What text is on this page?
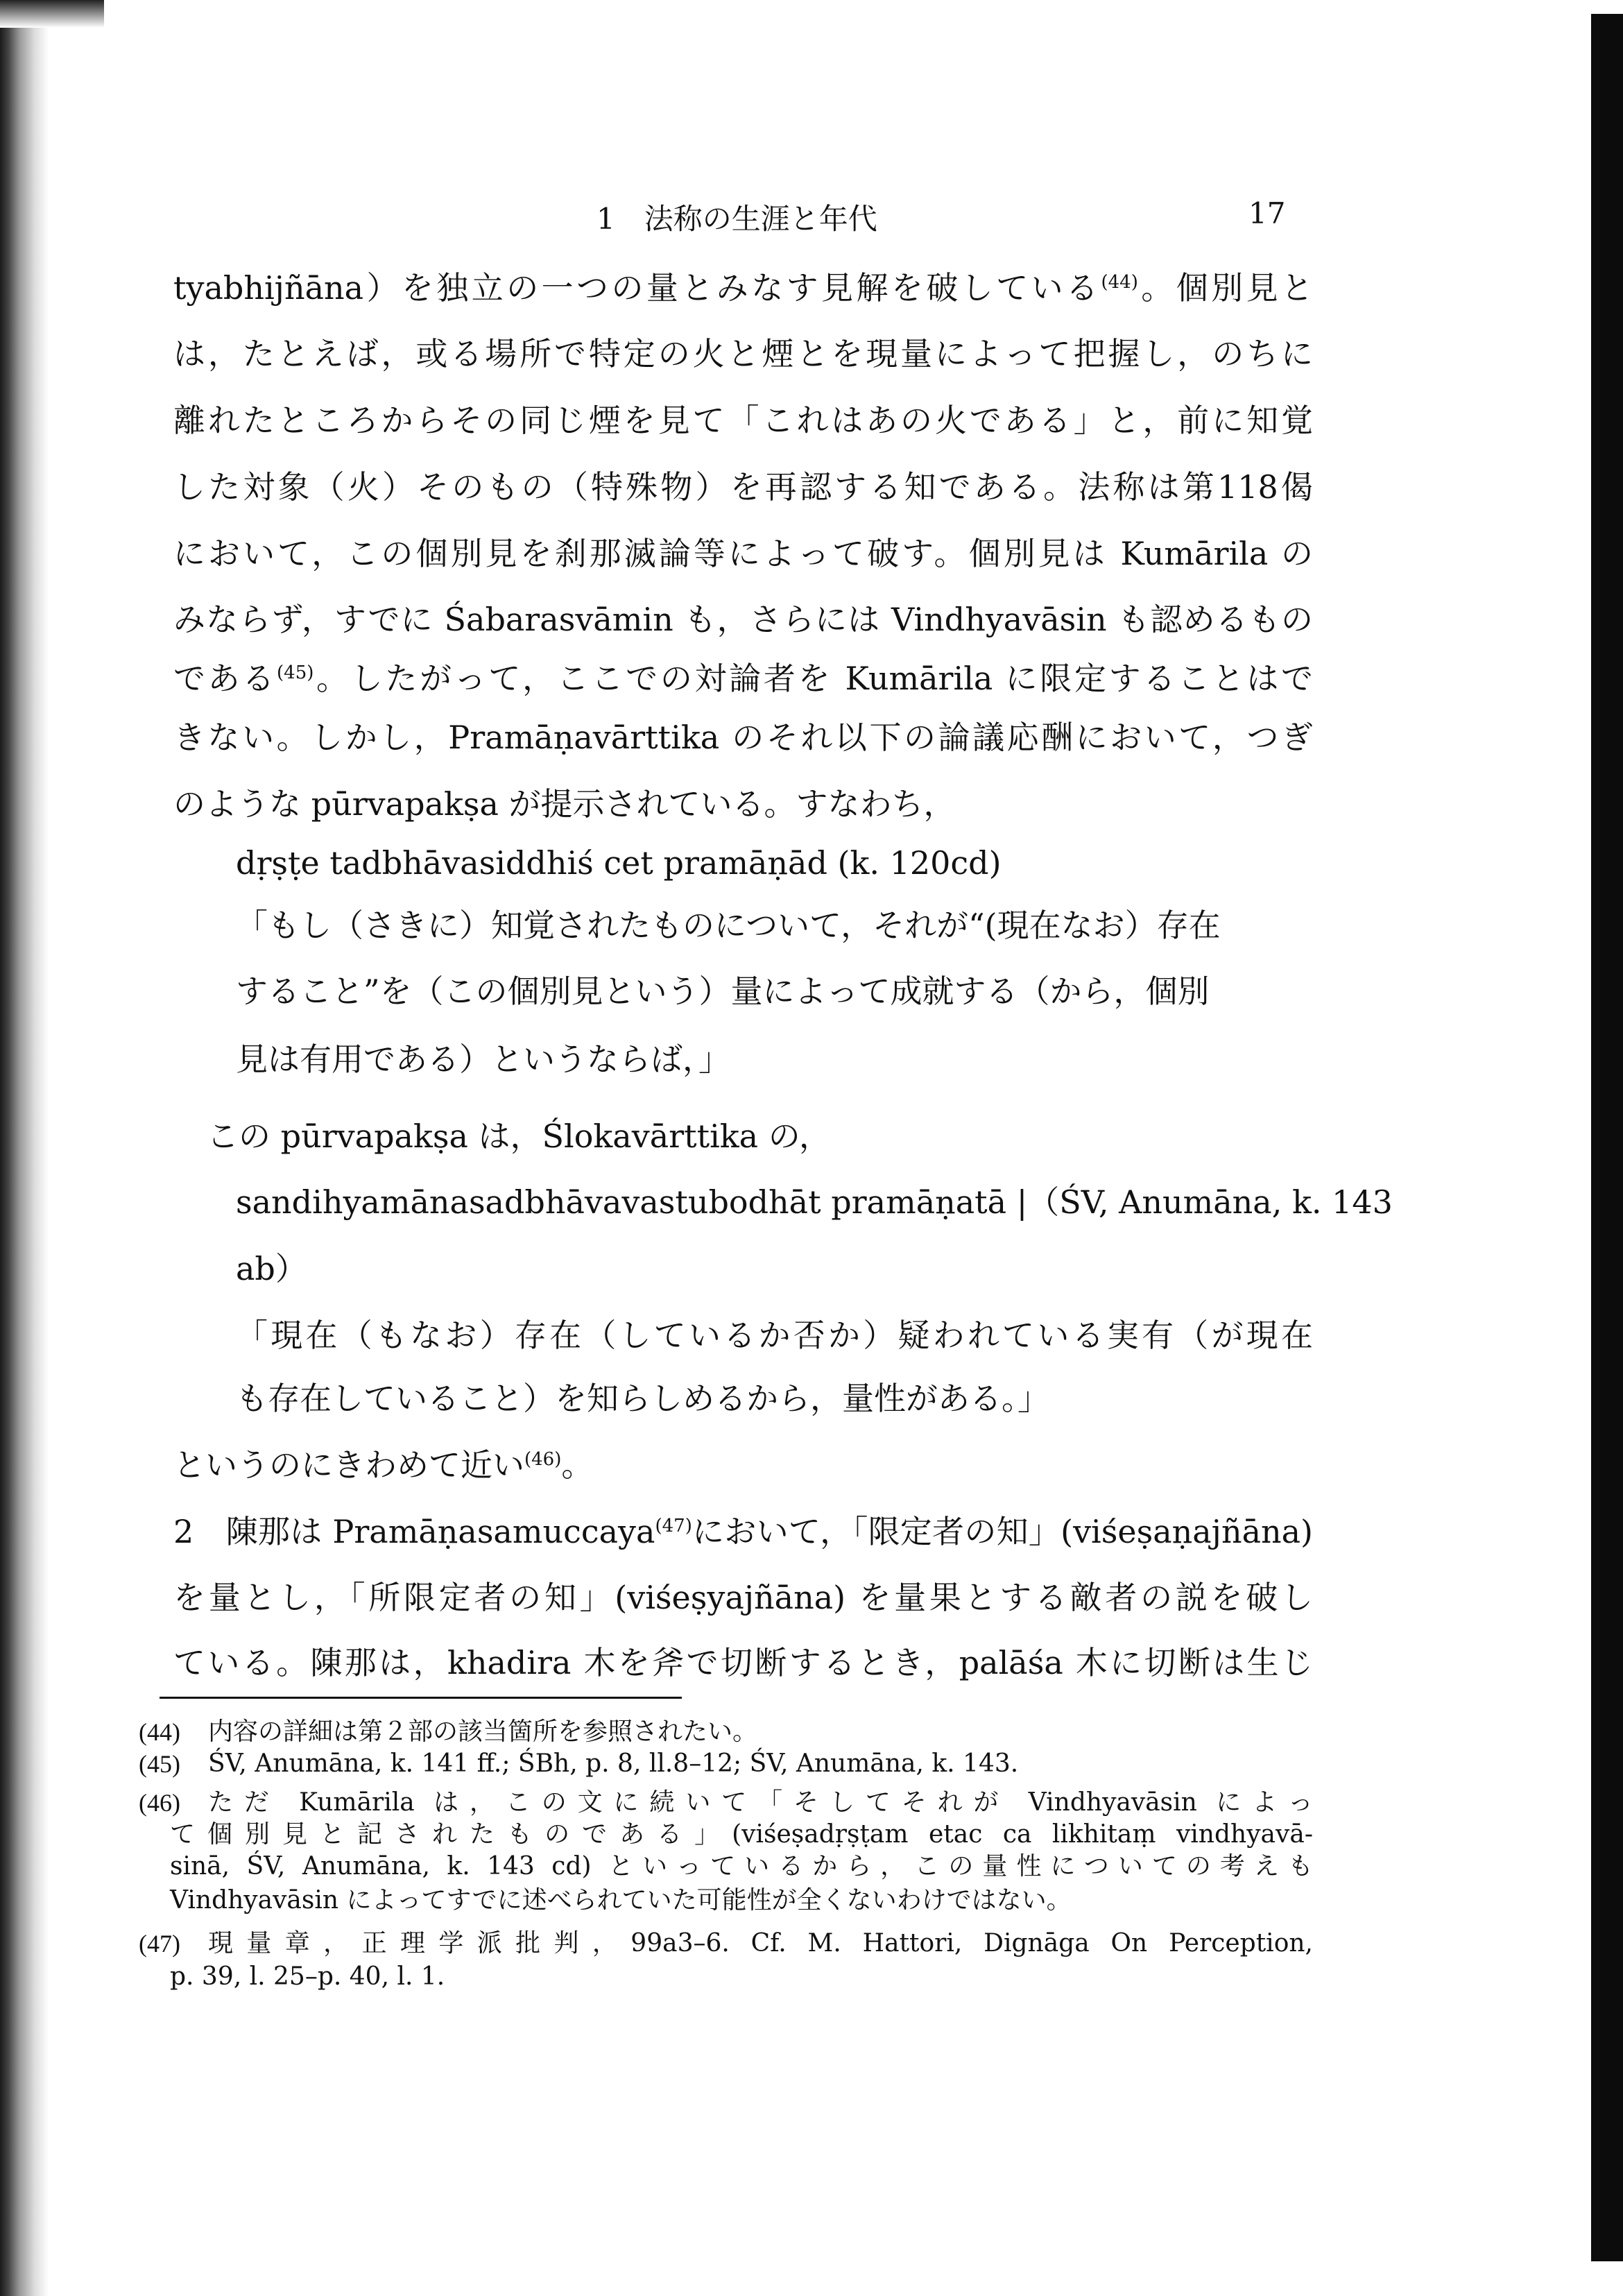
1　法称の生涯と年代	17
tyabhijñāna）を独立の一つの量とみなす見解を破している$^{(44)}$。個別見と
は，たとえば，或る場所で特定の火と煙とを現量によって把握し，のちに
離れたところからその同じ煙を見て「これはあの火である」と，前に知覚
した対象（火）そのもの（特殊物）を再認する知である。法称は第118偈
において，この個別見を刹那滅論等によって破す。個別見は Kumārila の
みならず，すでに Śabarasvāmin も，さらには Vindhyavāsin も認めるもの
である$^{(45)}$。したがって，ここでの対論者を Kumārila に限定することはで
きない。しかし，Pramāṇavārttika のそれ以下の論議応酬において，つぎ
のような pūrvapakṣa が提示されている。すなわち，
dṛṣṭe tadbhāvasiddhiś cet pramāṇād (k. 120cd)
「もし（さきに）知覚されたものについて，それが“(現在なお）存在
すること”を（この個別見という）量によって成就する（から，個別
見は有用である）というならば，」
この pūrvapakṣa は，Ślokavārttika の，
sandihyamānasadbhāvavastubodhāt pramāṇatā |（ŚV, Anumāna, k. 143
ab）
「現在（もなお）存在（しているか否か）疑われている実有（が現在
も存在していること）を知らしめるから，量性がある。」
というのにきわめて近い$^{(46)}$。
2　陳那は Pramāṇasamuccaya$^{(47)}$において，「限定者の知」(viśeṣaṇajñāna)
を量とし，「所限定者の知」(viśeṣyajñāna) を量果とする敵者の説を破し
ている。陳那は，khadira 木を斧で切断するとき，palāśa 木に切断は生じ
(44)	内容の詳細は第２部の該当箇所を参照されたい。
(45)	ŚV, Anumāna, k. 141 ff.; ŚBh, p. 8, ll.8–12; ŚV, Anumāna, k. 143.
(46)	ただ Kumārila は，この文に続いて「そしてそれが Vindhyavāsin によっ
て個別見と記されたものである」(viśeṣadṛṣṭam etac ca likhitaṃ vindhyavā-
sinā, ŚV, Anumāna, k. 143 cd) といっているから，この量性についての考えも
Vindhyavāsin によってすでに述べられていた可能性が全くないわけではない。
(47)	現量章，正理学派批判，99a3–6. Cf. M. Hattori, Dignāga On Perception,
p. 39, l. 25–p. 40, l. 1.
